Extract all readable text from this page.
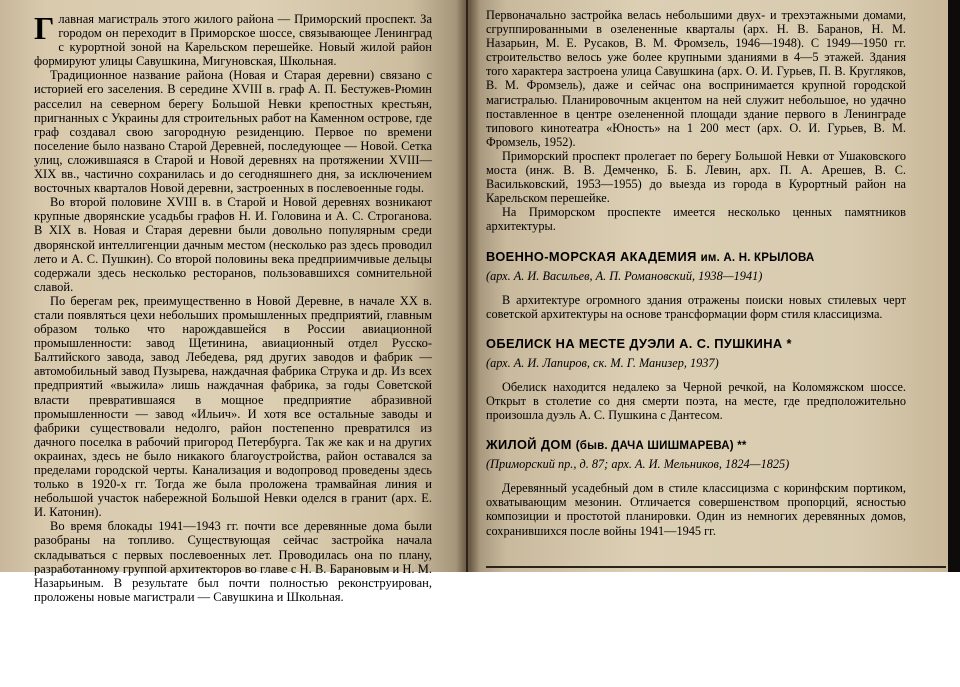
Главная магистраль этого жилого района — Приморский проспект. За городом он переходит в Приморское шоссе, связывающее Ленинград с курортной зоной на Карельском перешейке. Новый жилой район формируют улицы Савушкина, Мигуновская, Школьная.

Традиционное название района (Новая и Старая деревни) связано с историей его заселения. В середине XVIII в. граф А. П. Бестужев-Рюмин расселил на северном берегу Большой Невки крепостных крестьян, пригнанных с Украины для строительных работ на Каменном острове, где граф создавал свою загородную резиденцию. Первое по времени поселение было названо Старой Деревней, последующее — Новой. Сетка улиц, сложившаяся в Старой и Новой деревнях на протяжении XVIII—XIX вв., частично сохранилась и до сегодняшнего дня, за исключением восточных кварталов Новой деревни, застроенных в послевоенные годы.

Во второй половине XVIII в. в Старой и Новой деревнях возникают крупные дворянские усадьбы графов Н. И. Головина и А. С. Строганова. В XIX в. Новая и Старая деревни были довольно популярным среди дворянской интеллигенции дачным местом (несколько раз здесь проводил лето и А. С. Пушкин). Со второй половины века предприимчивые дельцы содержали здесь несколько ресторанов, пользовавшихся сомнительной славой.

По берегам рек, преимущественно в Новой Деревне, в начале XX в. стали появляться цехи небольших промышленных предприятий, главным образом только что нарождавшейся в России авиационной промышленности: завод Щетинина, авиационный отдел Русско-Балтийского завода, завод Лебедева, ряд других заводов и фабрик — автомобильный завод Пузырева, наждачная фабрика Струка и др. Из всех предприятий «выжила» лишь наждачная фабрика, за годы Советской власти превратившаяся в мощное предприятие абразивной промышленности — завод «Ильич». И хотя все остальные заводы и фабрики существовали недолго, район постепенно превратился из дачного поселка в рабочий пригород Петербурга. Так же как и на других окраинах, здесь не было никакого благоустройства, район оставался за пределами городской черты. Канализация и водопровод проведены здесь только в 1920-х гг. Тогда же была проложена трамвайная линия и небольшой участок набережной Большой Невки оделся в гранит (арх. Е. И. Катонин).

Во время блокады 1941—1943 гг. почти все деревянные дома были разобраны на топливо. Существующая сейчас застройка начала складываться с первых послевоенных лет. Проводилась она по плану, разработанному группой архитекторов во главе с Н. В. Барановым и Н. М. Назарьиным. В результате был почти полностью реконструирован, проложены новые магистрали — Савушкина и Школьная.

Первоначально застройка велась небольшими двух- и трехэтажными домами, сгруппированными в озелененные кварталы (арх. Н. В. Баранов, Н. М. Назарьин, М. Е. Русаков, В. М. Фромзель, 1946—1948). С 1949—1950 гг. строительство велось уже более крупными зданиями в 4—5 этажей. Здания того характера застроена улица Савушкина (арх. О. И. Гурьев, П. В. Кругляков, В. М. Фромзель), даже и сейчас она воспринимается крупной городской магистралью. Планировочным акцентом на ней служит небольшое, но удачно поставленное в центре озелененной площади здание первого в Ленинграде типового кинотеатра «Юность» на 1 200 мест (арх. О. И. Гурьев, В. М. Фромзель, 1952).

Приморский проспект пролегает по берегу Большой Невки от Ушаковского моста (инж. В. В. Демченко, Б. Б. Левин, арх. П. А. Арешев, В. С. Васильковский, 1953—1955) до выезда из города в Курортный район на Карельском перешейке.

На Приморском проспекте имеется несколько ценных памятников архитектуры.

ВОЕННО-МОРСКАЯ АКАДЕМИЯ им. А. Н. КРЫЛОВА
(арх. А. И. Васильев, А. П. Романовский, 1938—1941)

В архитектуре огромного здания отражены поиски новых стилевых черт советской архитектуры на основе трансформации форм стиля классицизма.

ОБЕЛИСК НА МЕСТЕ ДУЭЛИ А. С. ПУШКИНА *
(арх. А. И. Лапиров, ск. М. Г. Манизер, 1937)

Обелиск находится недалеко за Черной речкой, на Коломяжском шоссе. Открыт в столетие со дня смерти поэта, на месте, где предположительно произошла дуэль А. С. Пушкина с Дантесом.

ЖИЛОЙ ДОМ (быв. ДАЧА ШИШМАРЕВА) **
(Приморский пр., д. 87; арх. А. И. Мельников, 1824—1825)

Деревянный усадебный дом в стиле классицизма с коринфским портиком, охватывающим мезонин. Отличается совершенством пропорций, ясностью композиции и простотой планировки. Один из немногих деревянных домов, сохранившихся после войны 1941—1945 гг.
